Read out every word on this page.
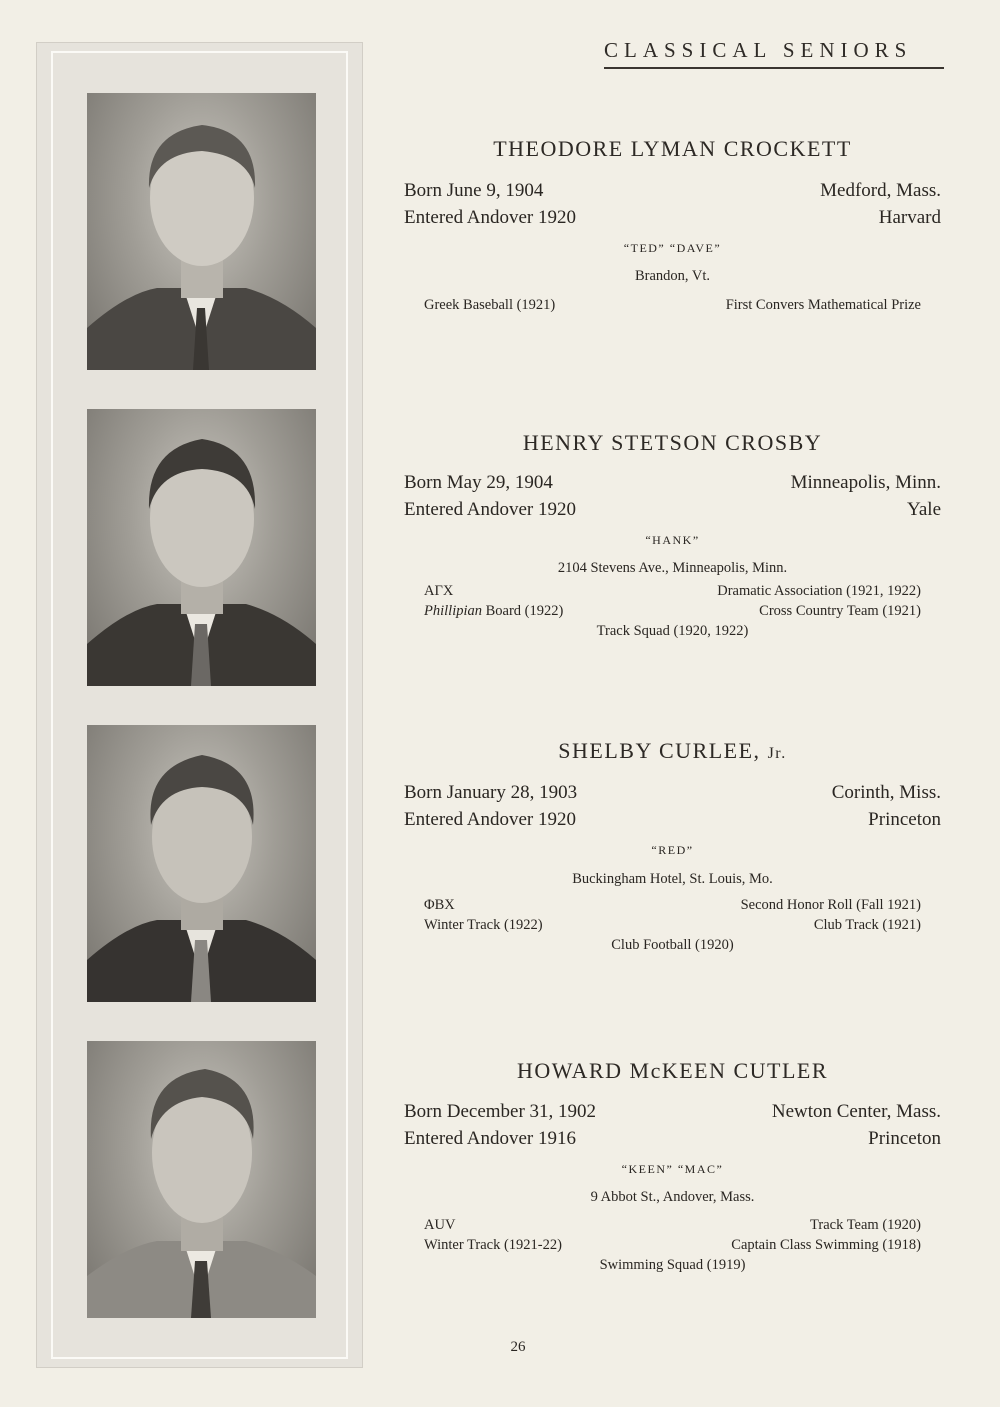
CLASSICAL SENIORS

THEODORE LYMAN CROCKETT

Born June 9, 1904	Medford, Mass.
Entered Andover 1920	Harvard
“TED” “DAVE”
Brandon, Vt.
Greek Baseball (1921)	First Convers Mathematical Prize

HENRY STETSON CROSBY

Born May 29, 1904	Minneapolis, Minn.
Entered Andover 1920	Yale
“HANK”
2104 Stevens Ave., Minneapolis, Minn.
AΓX	Dramatic Association (1921, 1922)
Phillipian Board (1922)	Cross Country Team (1921)
Track Squad (1920, 1922)

SHELBY CURLEE, Jr.

Born January 28, 1903	Corinth, Miss.
Entered Andover 1920	Princeton
“RED”
Buckingham Hotel, St. Louis, Mo.
ΦBX	Second Honor Roll (Fall 1921)
Winter Track (1922)	Club Track (1921)
Club Football (1920)

HOWARD McKEEN CUTLER

Born December 31, 1902	Newton Center, Mass.
Entered Andover 1916	Princeton
“KEEN” “MAC”
9 Abbot St., Andover, Mass.
AUV	Track Team (1920)
Winter Track (1921-22)	Captain Class Swimming (1918)
Swimming Squad (1919)
26
